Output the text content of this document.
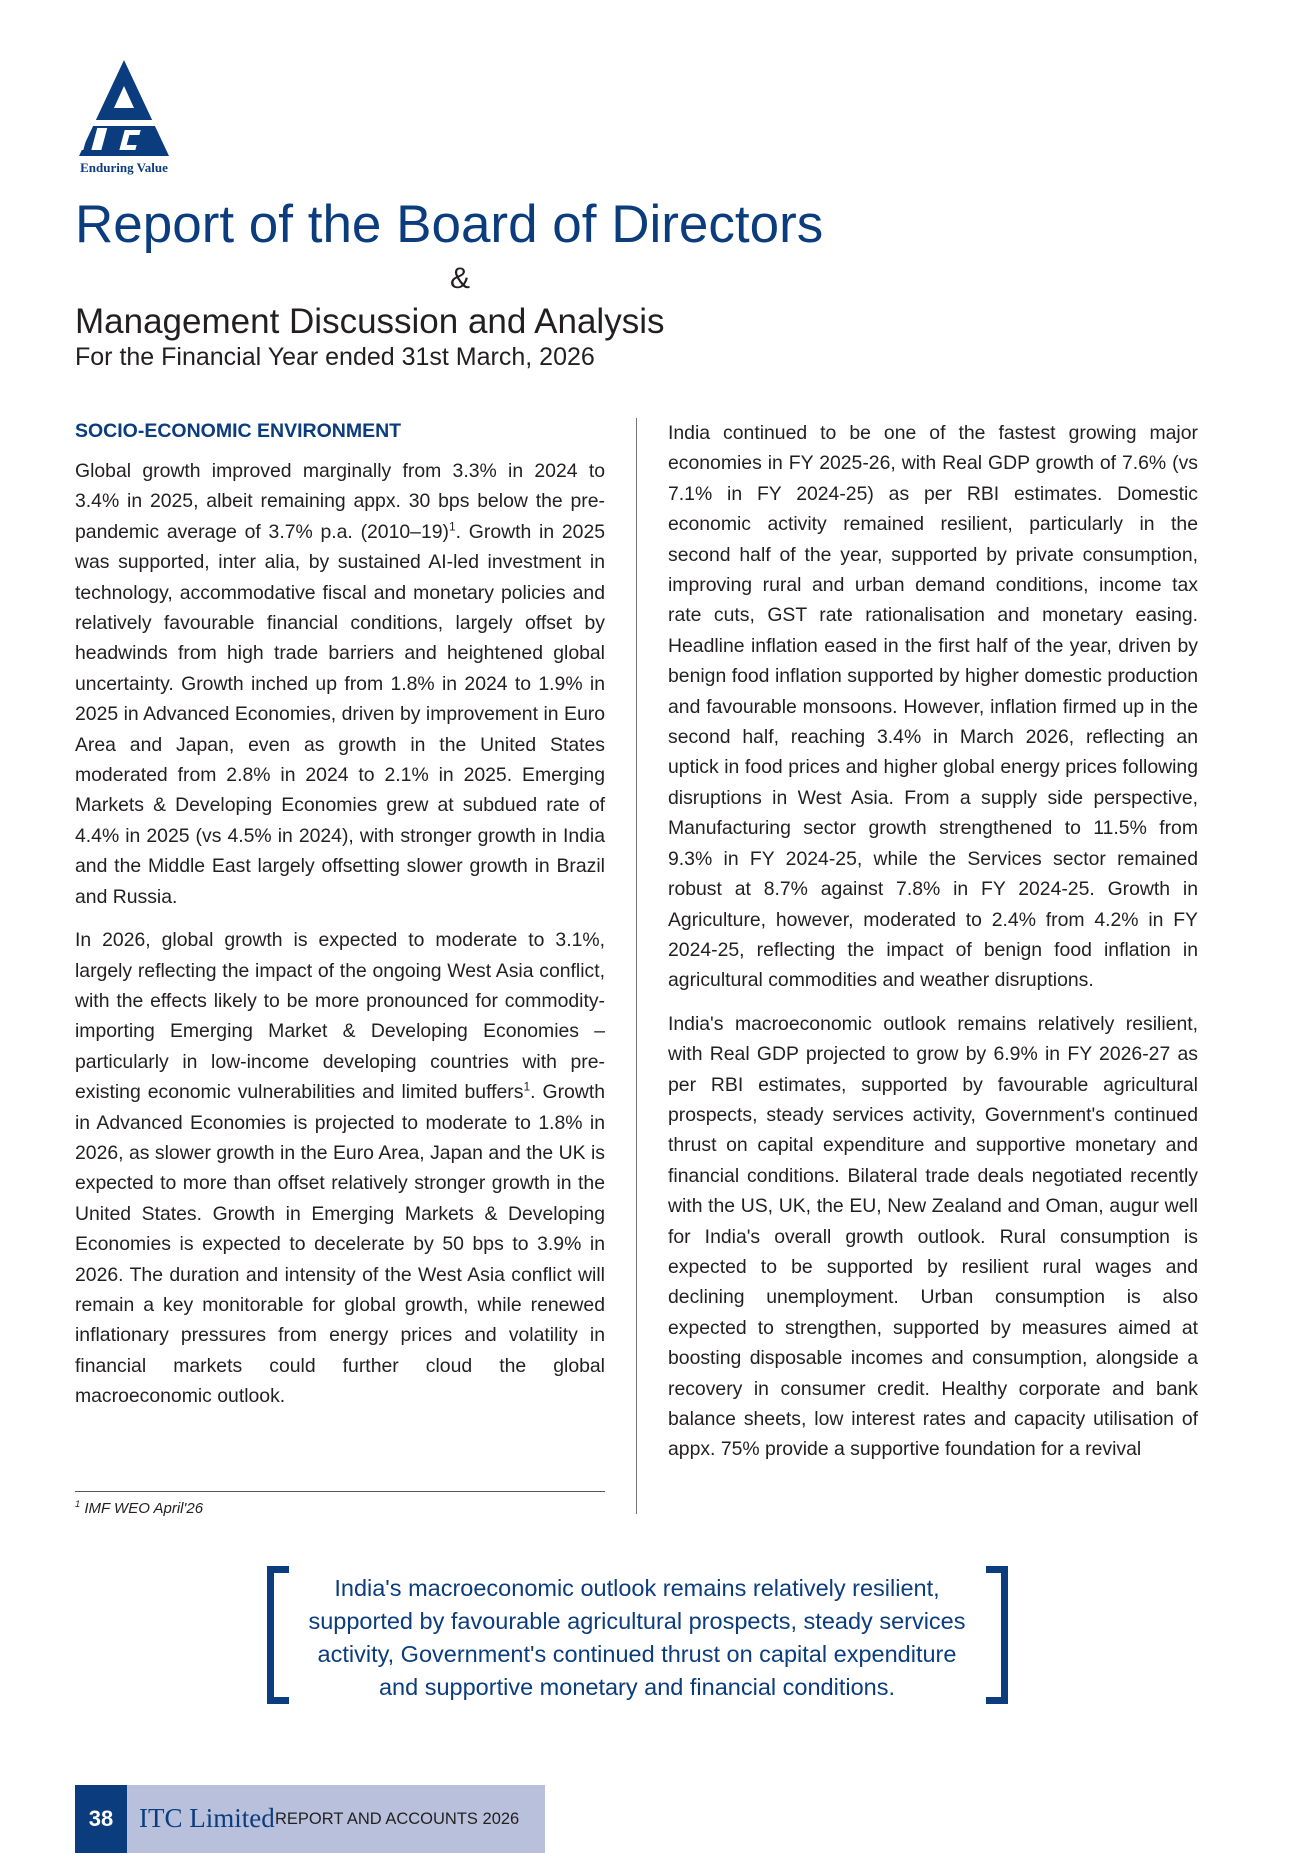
Enduring Value
Report of the Board of Directors
&
Management Discussion and Analysis
For the Financial Year ended 31st March, 2026
SOCIO-ECONOMIC ENVIRONMENT

Global growth improved marginally from 3.3% in 2024 to 3.4% in 2025, albeit remaining appx. 30 bps below the pre-pandemic average of 3.7% p.a. (2010–19)$^1$. Growth in 2025 was supported, inter alia, by sustained AI-led investment in technology, accommodative fiscal and monetary policies and relatively favourable financial conditions, largely offset by headwinds from high trade barriers and heightened global uncertainty. Growth inched up from 1.8% in 2024 to 1.9% in 2025 in Advanced Economies, driven by improvement in Euro Area and Japan, even as growth in the United States moderated from 2.8% in 2024 to 2.1% in 2025. Emerging Markets & Developing Economies grew at subdued rate of 4.4% in 2025 (vs 4.5% in 2024), with stronger growth in India and the Middle East largely offsetting slower growth in Brazil and Russia.

In 2026, global growth is expected to moderate to 3.1%, largely reflecting the impact of the ongoing West Asia conflict, with the effects likely to be more pronounced for commodity-importing Emerging Market & Developing Economies – particularly in low-income developing countries with pre-existing economic vulnerabilities and limited buffers$^1$. Growth in Advanced Economies is projected to moderate to 1.8% in 2026, as slower growth in the Euro Area, Japan and the UK is expected to more than offset relatively stronger growth in the United States. Growth in Emerging Markets & Developing Economies is expected to decelerate by 50 bps to 3.9% in 2026. The duration and intensity of the West Asia conflict will remain a key monitorable for global growth, while renewed inflationary pressures from energy prices and volatility in financial markets could further cloud the global macroeconomic outlook.

$^1$ IMF WEO April'26

India continued to be one of the fastest growing major economies in FY 2025-26, with Real GDP growth of 7.6% (vs 7.1% in FY 2024-25) as per RBI estimates. Domestic economic activity remained resilient, particularly in the second half of the year, supported by private consumption, improving rural and urban demand conditions, income tax rate cuts, GST rate rationalisation and monetary easing. Headline inflation eased in the first half of the year, driven by benign food inflation supported by higher domestic production and favourable monsoons. However, inflation firmed up in the second half, reaching 3.4% in March 2026, reflecting an uptick in food prices and higher global energy prices following disruptions in West Asia. From a supply side perspective, Manufacturing sector growth strengthened to 11.5% from 9.3% in FY 2024-25, while the Services sector remained robust at 8.7% against 7.8% in FY 2024-25. Growth in Agriculture, however, moderated to 2.4% from 4.2% in FY 2024-25, reflecting the impact of benign food inflation in agricultural commodities and weather disruptions.

India's macroeconomic outlook remains relatively resilient, with Real GDP projected to grow by 6.9% in FY 2026-27 as per RBI estimates, supported by favourable agricultural prospects, steady services activity, Government's continued thrust on capital expenditure and supportive monetary and financial conditions. Bilateral trade deals negotiated recently with the US, UK, the EU, New Zealand and Oman, augur well for India's overall growth outlook. Rural consumption is expected to be supported by resilient rural wages and declining unemployment. Urban consumption is also expected to strengthen, supported by measures aimed at boosting disposable incomes and consumption, alongside a recovery in consumer credit. Healthy corporate and bank balance sheets, low interest rates and capacity utilisation of appx. 75% provide a supportive foundation for a revival

India's macroeconomic outlook remains relatively resilient, supported by favourable agricultural prospects, steady services activity, Government's continued thrust on capital expenditure and supportive monetary and financial conditions.
38 ITC Limited REPORT AND ACCOUNTS 2026
